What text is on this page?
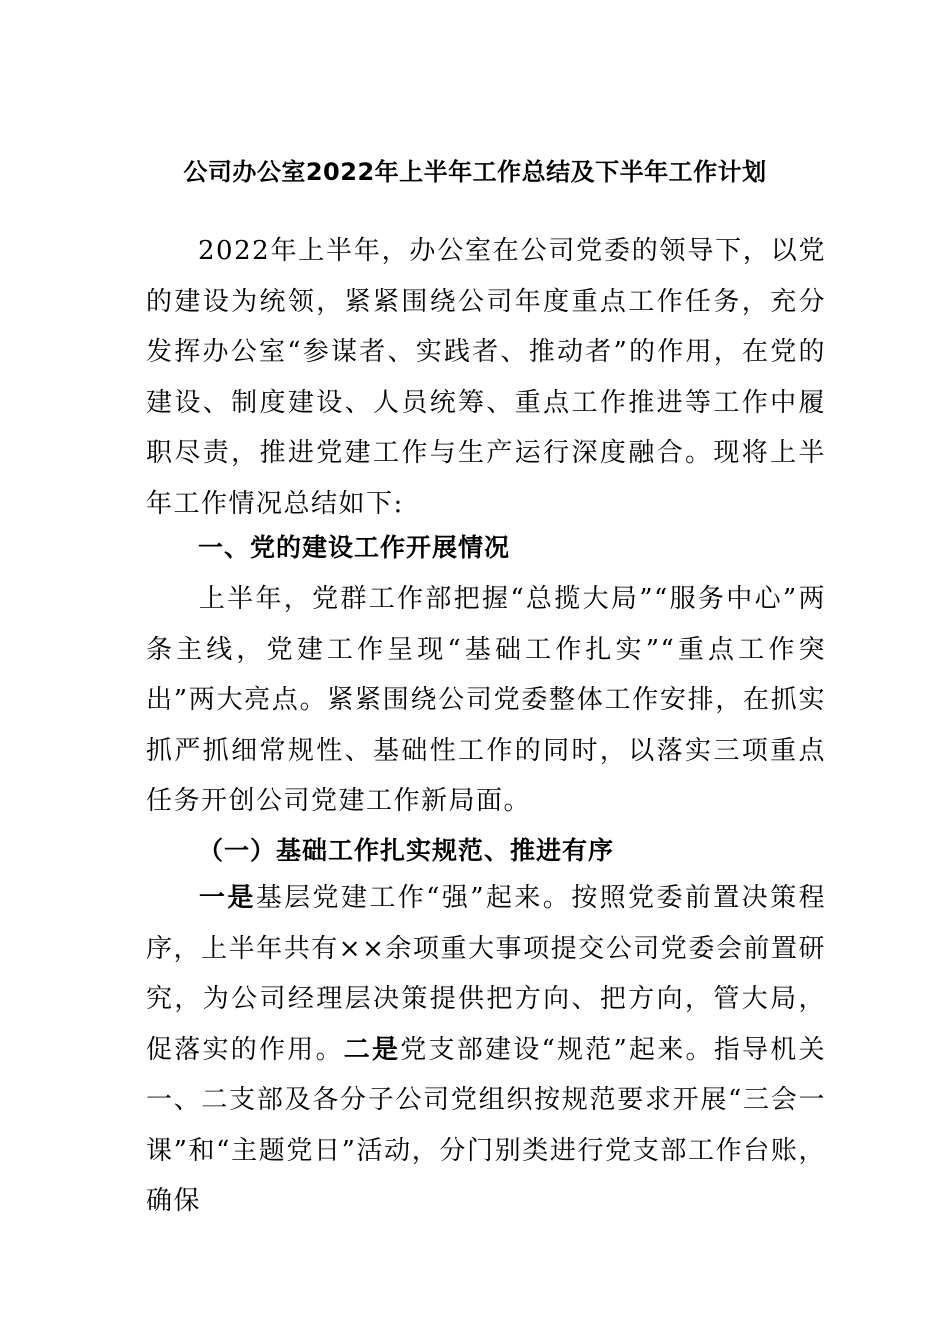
公司办公室2022年上半年工作总结及下半年工作计划

2022年上半年，办公室在公司党委的领导下，以党的建设为统领，紧紧围绕公司年度重点工作任务，充分发挥办公室“参谋者、实践者、推动者”的作用，在党的建设、制度建设、人员统筹、重点工作推进等工作中履职尽责，推进党建工作与生产运行深度融合。现将上半年工作情况总结如下:

一、党的建设工作开展情况

上半年，党群工作部把握“总揽大局”“服务中心”两条主线，党建工作呈现“基础工作扎实”“重点工作突出”两大亮点。紧紧围绕公司党委整体工作安排，在抓实抓严抓细常规性、基础性工作的同时，以落实三项重点任务开创公司党建工作新局面。

（一）基础工作扎实规范、推进有序

一是基层党建工作“强”起来。按照党委前置决策程序，上半年共有××余项重大事项提交公司党委会前置研究，为公司经理层决策提供把方向、把方向，管大局，促落实的作用。二是党支部建设“规范”起来。指导机关一、二支部及各分子公司党组织按规范要求开展“三会一课”和“主题党日”活动，分门别类进行党支部工作台账，确保
